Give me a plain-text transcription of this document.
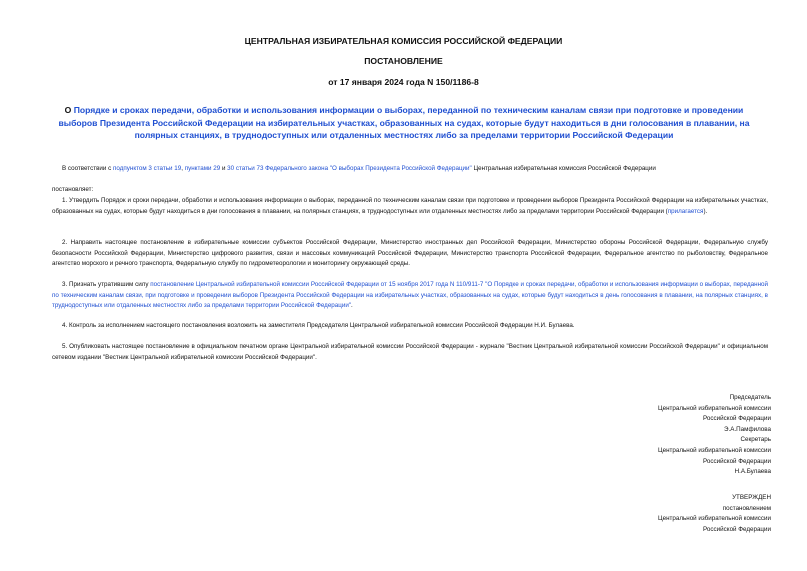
ЦЕНТРАЛЬНАЯ ИЗБИРАТЕЛЬНАЯ КОМИССИЯ РОССИЙСКОЙ ФЕДЕРАЦИИ
ПОСТАНОВЛЕНИЕ
от 17 января 2024 года N 150/1186-8
О Порядке и сроках передачи, обработки и использования информации о выборах, переданной по техническим каналам связи при подготовке и проведении выборов Президента Российской Федерации на избирательных участках, образованных на судах, которые будут находиться в дни голосования в плавании, на полярных станциях, в труднодоступных или отдаленных местностях либо за пределами территории Российской Федерации
В соответствии с подпунктом 3 статьи 19, пунктами 29 и 30 статьи 73 Федерального закона "О выборах Президента Российской Федерации" Центральная избирательная комиссия Российской Федерации
постановляет:
1. Утвердить Порядок и сроки передачи, обработки и использования информации о выборах, переданной по техническим каналам связи при подготовке и проведении выборов Президента Российской Федерации на избирательных участках, образованных на судах, которые будут находиться в дни голосования в плавании, на полярных станциях, в труднодоступных или отдаленных местностях либо за пределами территории Российской Федерации (прилагается).
2. Направить настоящее постановление в избирательные комиссии субъектов Российской Федерации, Министерство иностранных дел Российской Федерации, Министерство обороны Российской Федерации, Федеральную службу безопасности Российской Федерации, Министерство цифрового развития, связи и массовых коммуникаций Российской Федерации, Министерство транспорта Российской Федерации, Федеральное агентство по рыболовству, Федеральное агентство морского и речного транспорта, Федеральную службу по гидрометеорологии и мониторингу окружающей среды.
3. Признать утратившим силу постановление Центральной избирательной комиссии Российской Федерации от 15 ноября 2017 года N 110/911-7 "О Порядке и сроках передачи, обработки и использования информации о выборах, переданной по техническим каналам связи, при подготовке и проведении выборов Президента Российской Федерации на избирательных участках, образованных на судах, которые будут находиться в день голосования в плавании, на полярных станциях, в труднодоступных или отдаленных местностях либо за пределами территории Российской Федерации".
4. Контроль за исполнением настоящего постановления возложить на заместителя Председателя Центральной избирательной комиссии Российской Федерации Н.И. Булаева.
5. Опубликовать настоящее постановление в официальном печатном органе Центральной избирательной комиссии Российской Федерации - журнале "Вестник Центральной избирательной комиссии Российской Федерации" и официальном сетевом издании "Вестник Центральной избирательной комиссии Российской Федерации".
Председатель
Центральной избирательной комиссии
Российской Федерации
Э.А.Памфилова
Секретарь
Центральной избирательной комиссии
Российской Федерации
Н.А.Булаева
УТВЕРЖДЕН
постановлением
Центральной избирательной комиссии
Российской Федерации
